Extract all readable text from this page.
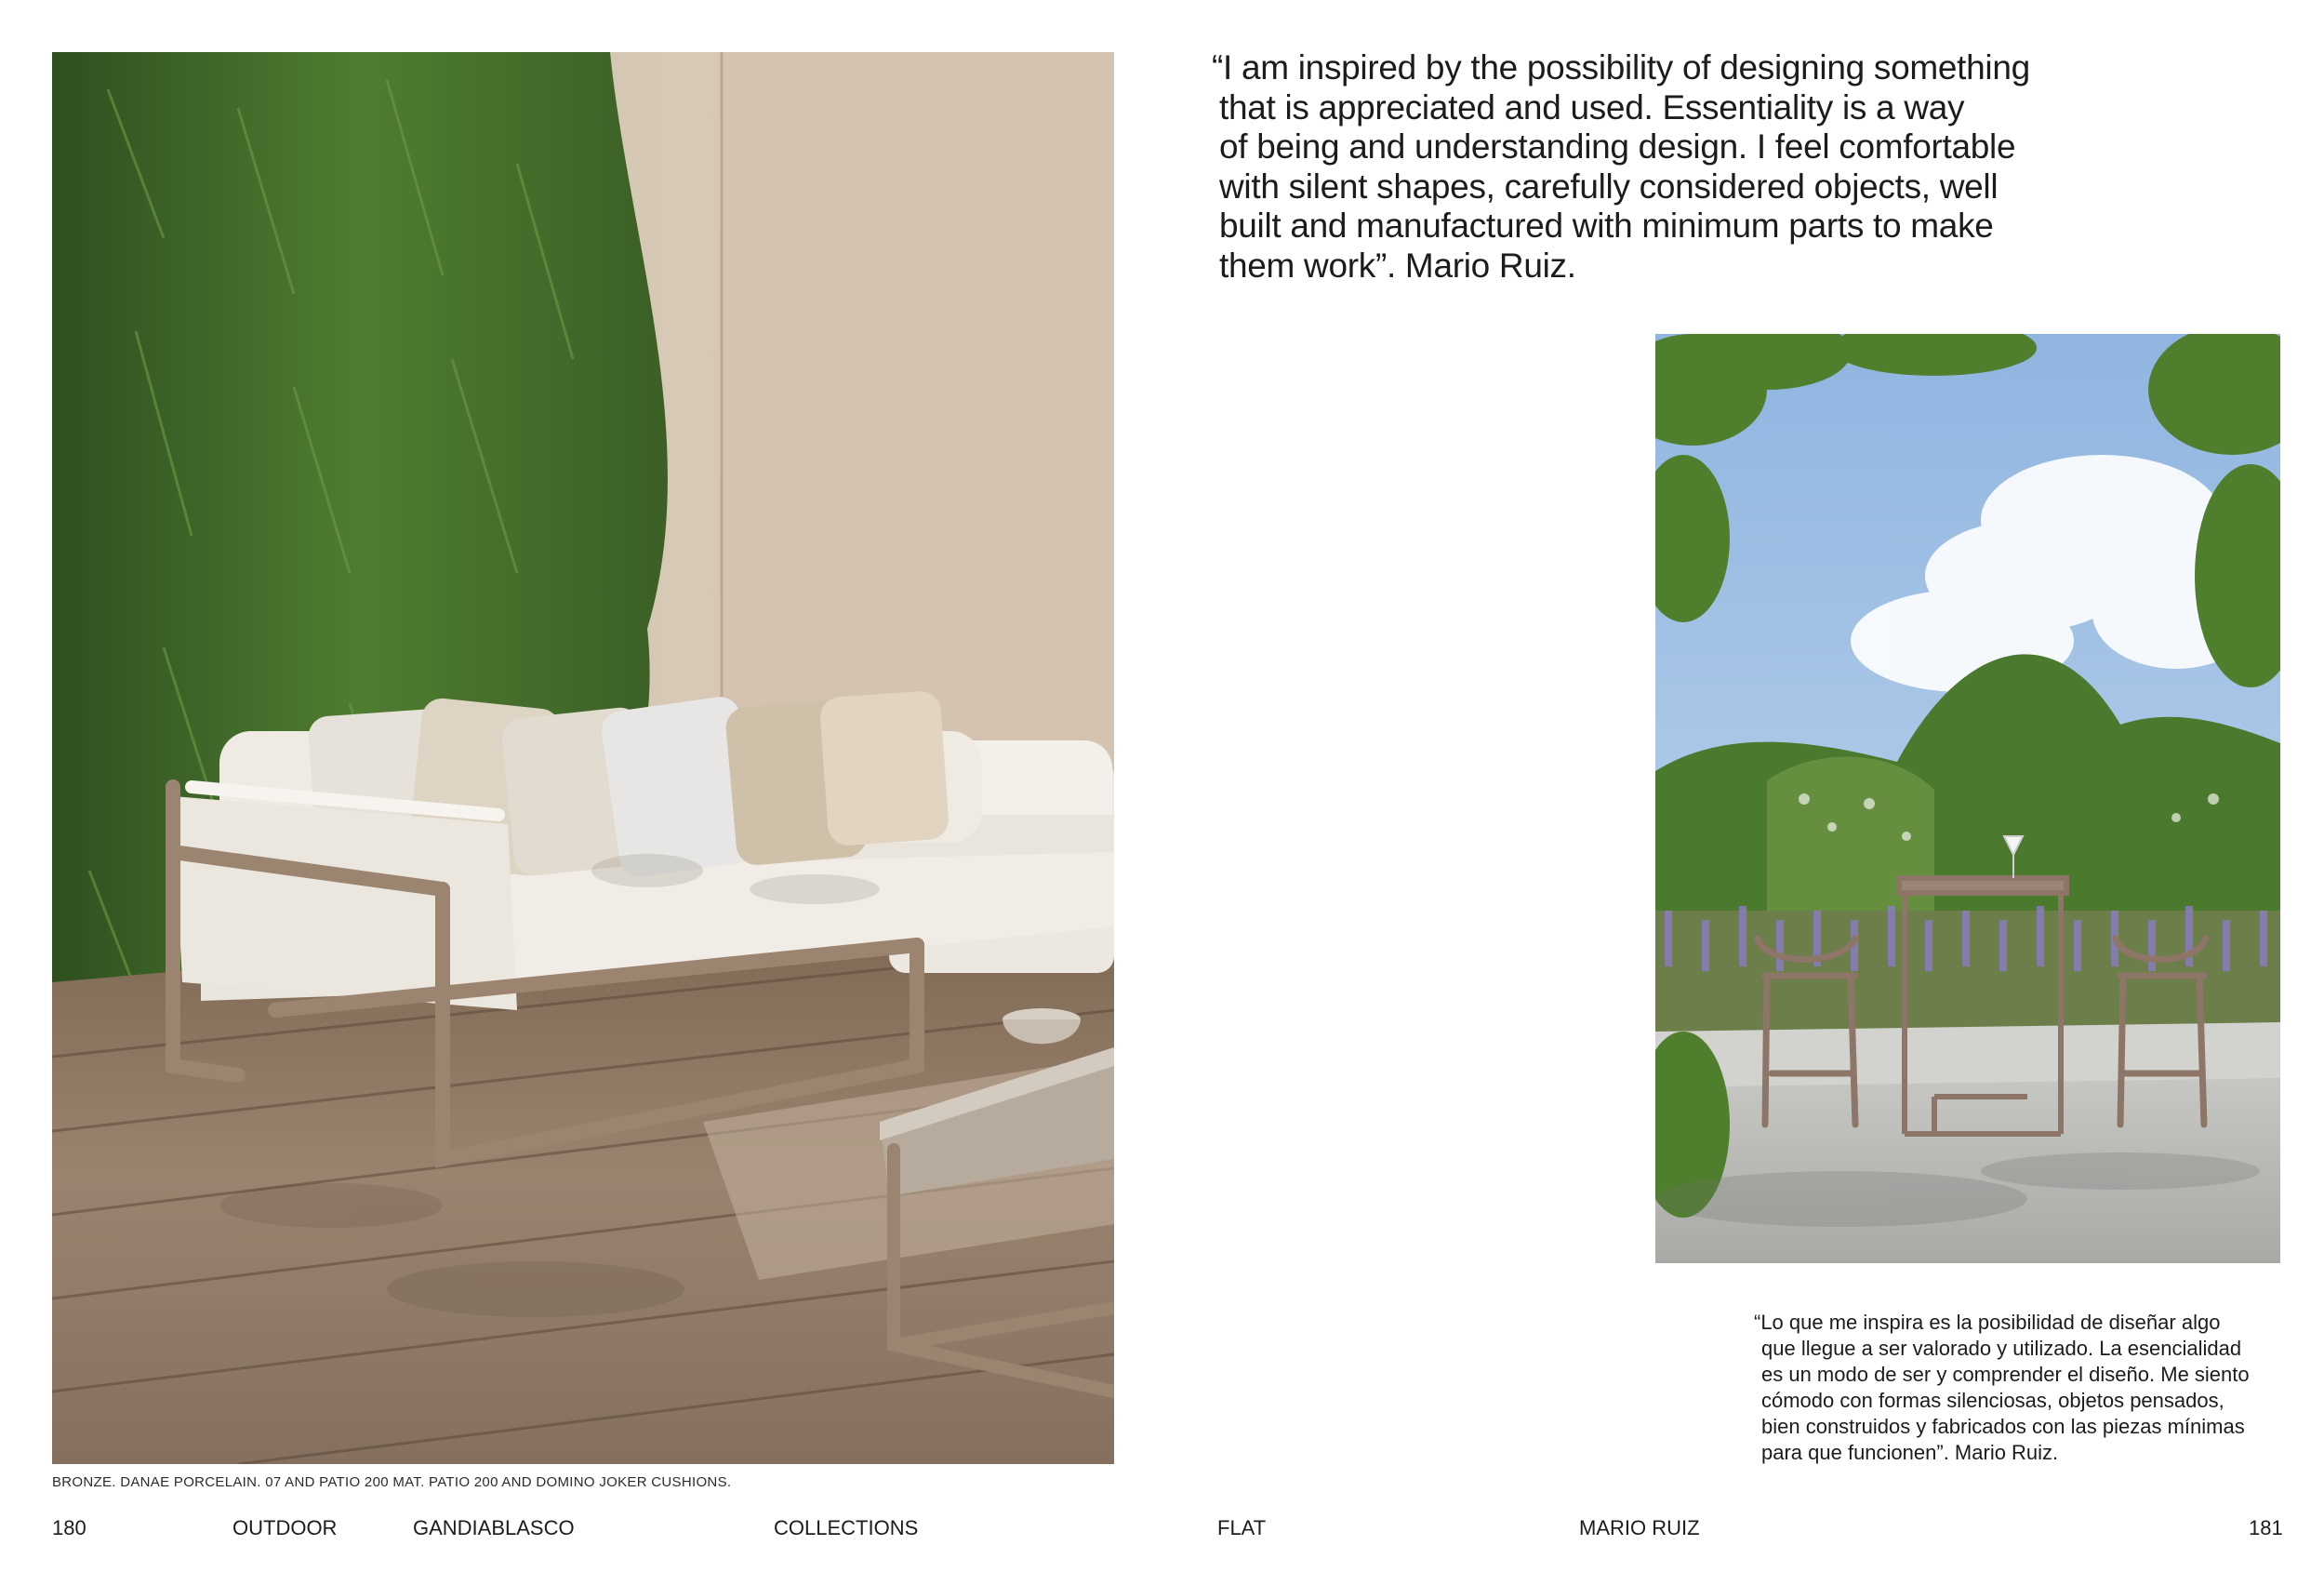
BRONZE. DANAE PORCELAIN. 07 AND PATIO 200 MAT. PATIO 200 AND DOMINO JOKER CUSHIONS.
“I am inspired by the possibility of designing something
that is appreciated and used. Essentiality is a way
of being and understanding design. I feel comfortable
with silent shapes, carefully considered objects, well
built and manufactured with minimum parts to make
them work”. Mario Ruiz.
“Lo que me inspira es la posibilidad de diseñar algo
que llegue a ser valorado y utilizado. La esencialidad
es un modo de ser y comprender el diseño. Me siento
cómodo con formas silenciosas, objetos pensados,
bien construidos y fabricados con las piezas mínimas
para que funcionen”. Mario Ruiz.
180	OUTDOOR	GANDIABLASCO	COLLECTIONS	FLAT	MARIO RUIZ	181
